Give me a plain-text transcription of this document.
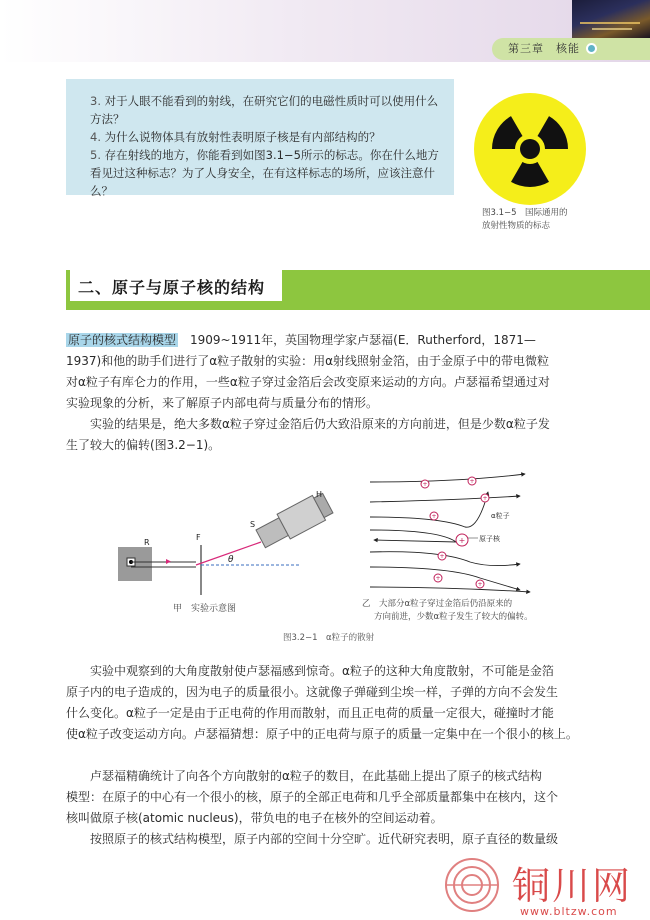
第三章　核能
3. 对于人眼不能看到的射线，在研究它们的电磁性质时可以使用什么
方法？
4. 为什么说物体具有放射性表明原子核是有内部结构的？
5. 存在射线的地方，你能看到如图3.1−5所示的标志。你在什么地方
看见过这种标志？为了人身安全，在有这样标志的场所，应该注意什么？
图3.1−5　国际通用的
放射性物质的标志
二、原子与原子核的结构
原子的核式结构模型　1909~1911年，英国物理学家卢瑟福(E．Rutherford，1871—
1937)和他的助手们进行了α粒子散射的实验：用α射线照射金箔，由于金原子中的带电微粒
对α粒子有库仑力的作用，一些α粒子穿过金箔后会改变原来运动的方向。卢瑟福希望通过对
实验现象的分析，来了解原子内部电荷与质量分布的情形。
　　实验的结果是，绝大多数α粒子穿过金箔后仍大致沿原来的方向前进，但是少数α粒子发
生了较大的偏转(图3.2−1)。
R
F
S
H
θ
甲　实验示意图
+	+
+
+
+
+
+
+
α粒子
原子核
乙　大部分α粒子穿过金箔后仍沿原来的
方向前进，少数α粒子发生了较大的偏转。
图3.2−1　α粒子的散射
　　实验中观察到的大角度散射使卢瑟福感到惊奇。α粒子的这种大角度散射，不可能是金箔
原子内的电子造成的，因为电子的质量很小。这就像子弹碰到尘埃一样，子弹的方向不会发生
什么变化。α粒子一定是由于正电荷的作用而散射，而且正电荷的质量一定很大，碰撞时才能
使α粒子改变运动方向。卢瑟福猜想：原子中的正电荷与原子的质量一定集中在一个很小的核上。
　　卢瑟福精确统计了向各个方向散射的α粒子的数目，在此基础上提出了原子的核式结构
模型：在原子的中心有一个很小的核，原子的全部正电荷和几乎全部质量都集中在核内，这个
核叫做原子核(atomic nucleus)，带负电的电子在核外的空间运动着。
　　按照原子的核式结构模型，原子内部的空间十分空旷。近代研究表明，原子直径的数量级
铜川网
www.bltzw.com
